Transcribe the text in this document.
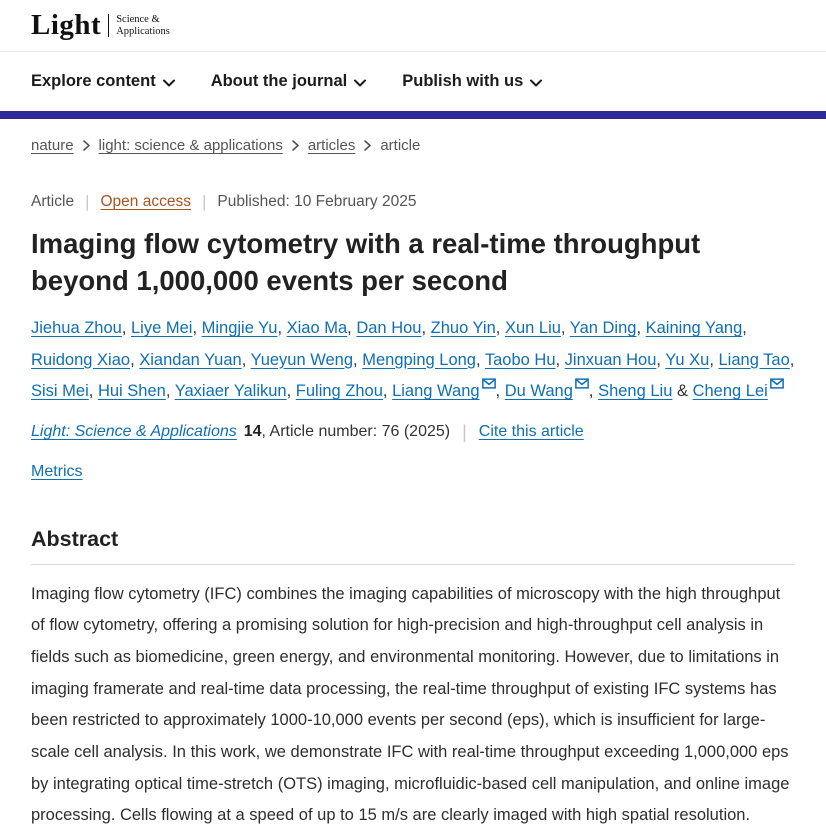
Light	Science &
Applications
Explore content	About the journal	Publish with us
nature light: science & applications articles article
Article | Open access | Published: 10 February 2025
Imaging flow cytometry with a real-time throughput beyond 1,000,000 events per second
Jiehua Zhou, Liye Mei, Mingjie Yu, Xiao Ma, Dan Hou, Zhuo Yin, Xun Liu, Yan Ding, Kaining Yang, Ruidong Xiao, Xiandan Yuan, Yueyun Weng, Mengping Long, Taobo Hu, Jinxuan Hou, Yu Xu, Liang Tao, Sisi Mei, Hui Shen, Yaxiaer Yalikun, Fuling Zhou, Liang Wang , Du Wang , Sheng Liu & Cheng Lei
Light: Science & Applications 14 , Article number: 76 (2025) | Cite this article
Metrics
Abstract

Imaging flow cytometry (IFC) combines the imaging capabilities of microscopy with the high throughput of flow cytometry, offering a promising solution for high-precision and high-throughput cell analysis in fields such as biomedicine, green energy, and environmental monitoring. However, due to limitations in imaging framerate and real-time data processing, the real-time throughput of existing IFC systems has been restricted to approximately 1000-10,000 events per second (eps), which is insufficient for large-scale cell analysis. In this work, we demonstrate IFC with real-time throughput exceeding 1,000,000 eps by integrating optical time-stretch (OTS) imaging, microfluidic-based cell manipulation, and online image processing. Cells flowing at a speed of up to 15 m/s are clearly imaged with high spatial resolution.
